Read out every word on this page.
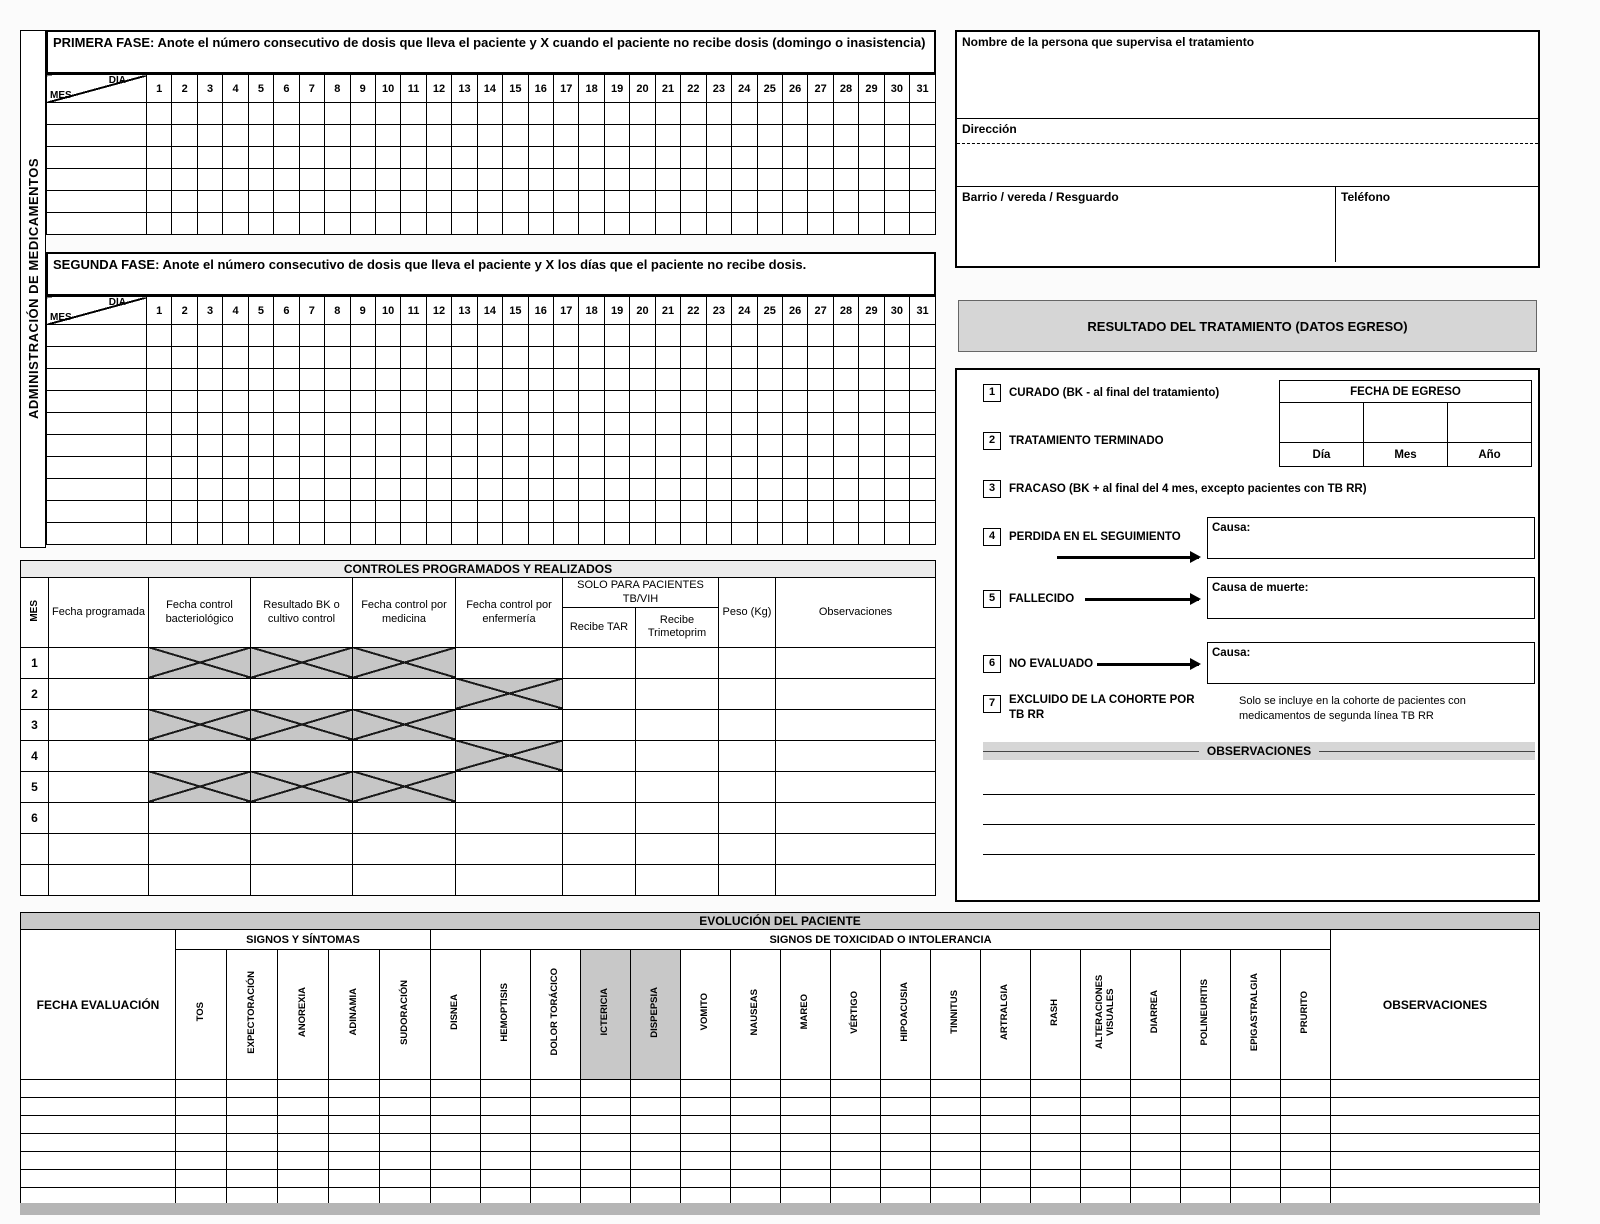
ADMINISTRACIÓN DE MEDICAMENTOS
PRIMERA FASE: Anote el número consecutivo de dosis que lleva el paciente y X cuando el paciente no recibe dosis (domingo o inasistencia)
DÍA
MES	1	2	3	4	5	6	7	8	9	10	11	12	13	14	15	16	17	18	19	20	21	22	23	24	25	26	27	28	29	30	31

SEGUNDA FASE: Anote el número consecutivo de dosis que lleva el paciente y X los días que el paciente no recibe dosis.
DÍA
MES	1	2	3	4	5	6	7	8	9	10	11	12	13	14	15	16	17	18	19	20	21	22	23	24	25	26	27	28	29	30	31

CONTROLES PROGRAMADOS Y REALIZADOS									
MES	Fecha programada	Fecha control bacteriológico	Resultado BK o cultivo control	Fecha control por medicina	Fecha control por enfermería	SOLO PARA PACIENTES TB/VIH		Peso (Kg)	Observaciones
						Recibe TAR	Recibe Trimetoprim		
1									
2									
3									
4									
5									
6									

Nombre de la persona que supervisa el tratamiento
Dirección
Barrio / vereda / Resguardo	Teléfono
RESULTADO DEL TRATAMIENTO (DATOS EGRESO)
1	CURADO (BK - al final del tratamiento)	FECHA DE EGRESO		

Día	Mes	Año
2	TRATAMIENTO TERMINADO
3	FRACASO (BK + al final del 4 mes, excepto pacientes con TB RR)
4	PERDIDA EN EL SEGUIMIENTO
Causa:
5	FALLECIDO
Causa de muerte:
6	NO EVALUADO
Causa:
7	EXCLUIDO DE LA COHORTE POR TB RR
Solo se incluye en la cohorte de pacientes con medicamentos de segunda línea TB RR
OBSERVACIONES
EVOLUCIÓN DEL PACIENTE																								
FECHA EVALUACIÓN	SIGNOS Y SÍNTOMAS					SIGNOS DE TOXICIDAD O INTOLERANCIA																		OBSERVACIONES
	TOS	EXPECTORACIÓN	ANOREXIA	ADINAMIA	SUDORACIÓN	DISNEA	HEMOPTISIS	DOLOR TORÁCICO	ICTERICIA	DISPEPSIA	VOMITO	NAUSEAS	MAREO	VÉRTIGO	HIPOACUSIA	TINNITUS	ARTRALGIA	RASH	ALTERACIONES VISUALES	DIARREA	POLINEURITIS	EPIGASTRALGIA	PRURITO	
